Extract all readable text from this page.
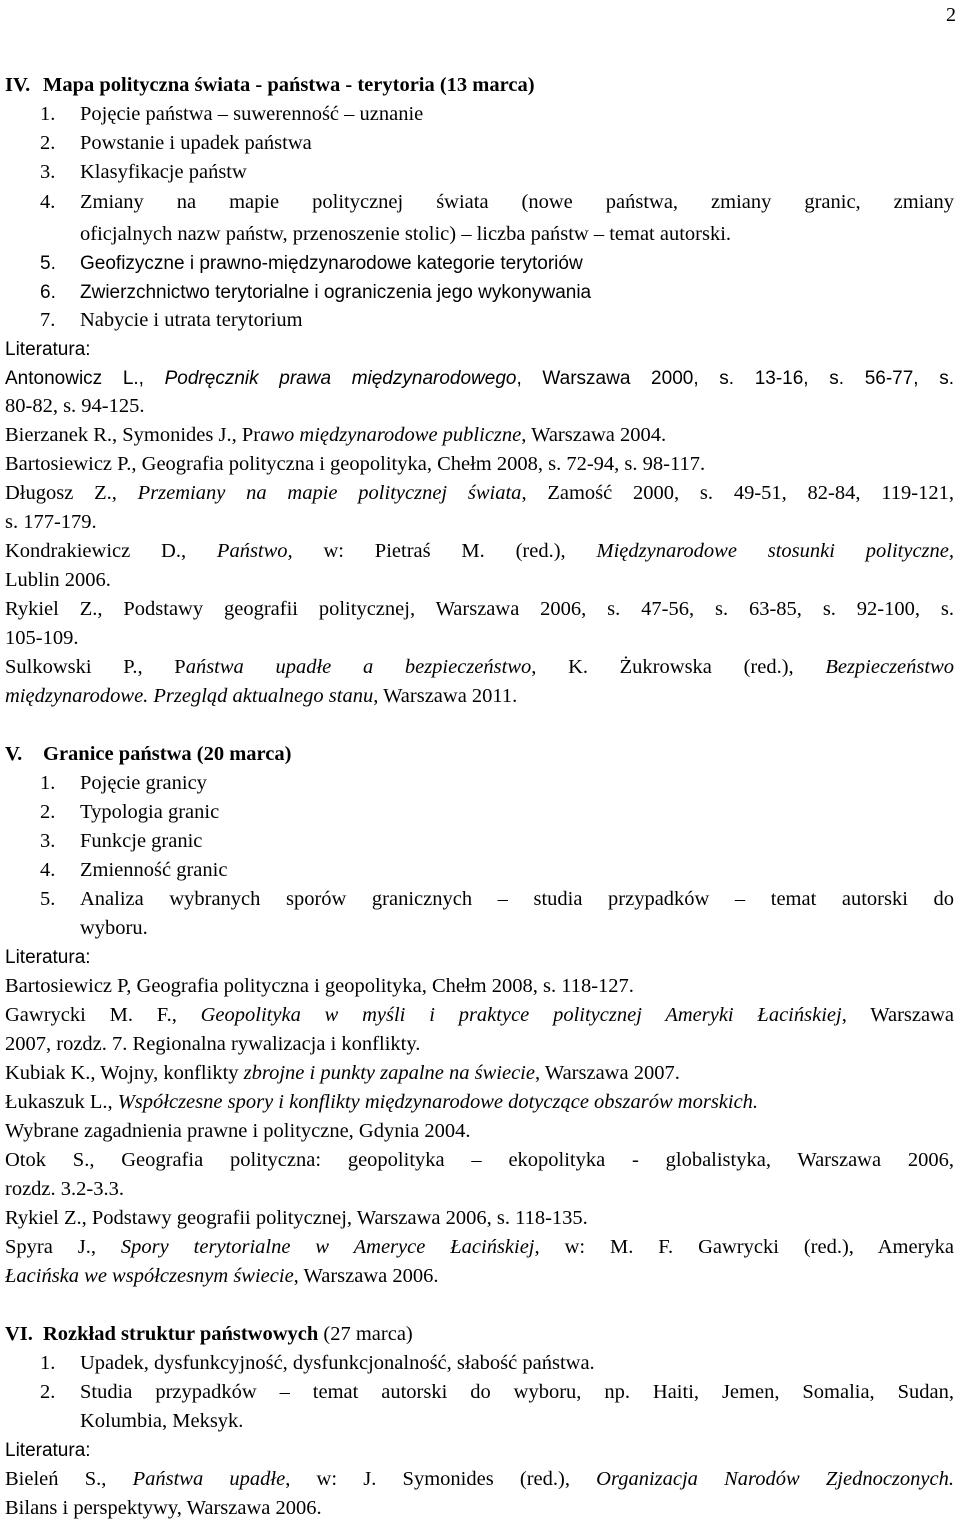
2
IV. Mapa polityczna świata - państwa - terytoria (13 marca)
1. Pojęcie państwa – suwerenność – uznanie
2. Powstanie i upadek państwa
3. Klasyfikacje państw
4. Zmiany na mapie politycznej świata (nowe państwa, zmiany granic, zmiany
oficjalnych nazw państw, przenoszenie stolic) – liczba państw – temat autorski.
5. Geofizyczne i prawno-międzynarodowe kategorie terytoriów
6. Zwierzchnictwo terytorialne i ograniczenia jego wykonywania
7. Nabycie i utrata terytorium
Literatura:
Antonowicz L., Podręcznik prawa międzynarodowego, Warszawa 2000, s. 13-16, s. 56-77, s.
80-82, s. 94-125.
Bierzanek R., Symonides J., Prawo międzynarodowe publiczne, Warszawa 2004.
Bartosiewicz P., Geografia polityczna i geopolityka, Chełm 2008, s. 72-94, s. 98-117.
Długosz Z., Przemiany na mapie politycznej świata, Zamość 2000, s. 49-51, 82-84, 119-121,
s. 177-179.
Kondrakiewicz D., Państwo, w: Pietraś M. (red.), Międzynarodowe stosunki polityczne,
Lublin 2006.
Rykiel Z., Podstawy geografii politycznej, Warszawa 2006, s. 47-56, s. 63-85, s. 92-100, s.
105-109.
Sulkowski P., Państwa upadłe a bezpieczeństwo, K. Żukrowska (red.), Bezpieczeństwo
międzynarodowe. Przegląd aktualnego stanu, Warszawa 2011.
V. Granice państwa (20 marca)
1. Pojęcie granicy
2. Typologia granic
3. Funkcje granic
4. Zmienność granic
5. Analiza wybranych sporów granicznych – studia przypadków – temat autorski do
wyboru.
Literatura:
Bartosiewicz P, Geografia polityczna i geopolityka, Chełm 2008, s. 118-127.
Gawrycki M. F., Geopolityka w myśli i praktyce politycznej Ameryki Łacińskiej, Warszawa
2007, rozdz. 7. Regionalna rywalizacja i konflikty.
Kubiak K., Wojny, konflikty zbrojne i punkty zapalne na świecie, Warszawa 2007.
Łukaszuk L., Współczesne spory i konflikty międzynarodowe dotyczące obszarów morskich.
Wybrane zagadnienia prawne i polityczne, Gdynia 2004.
Otok S., Geografia polityczna: geopolityka – ekopolityka - globalistyka, Warszawa 2006,
rozdz. 3.2-3.3.
Rykiel Z., Podstawy geografii politycznej, Warszawa 2006, s. 118-135.
Spyra J., Spory terytorialne w Ameryce Łacińskiej, w: M. F. Gawrycki (red.), Ameryka
Łacińska we współczesnym świecie, Warszawa 2006.
VI. Rozkład struktur państwowych (27 marca)
1. Upadek, dysfunkcyjność, dysfunkcjonalność, słabość państwa.
2. Studia przypadków – temat autorski do wyboru, np. Haiti, Jemen, Somalia, Sudan,
Kolumbia, Meksyk.
Literatura:
Bieleń S., Państwa upadłe, w: J. Symonides (red.), Organizacja Narodów Zjednoczonych.
Bilans i perspektywy, Warszawa 2006.
